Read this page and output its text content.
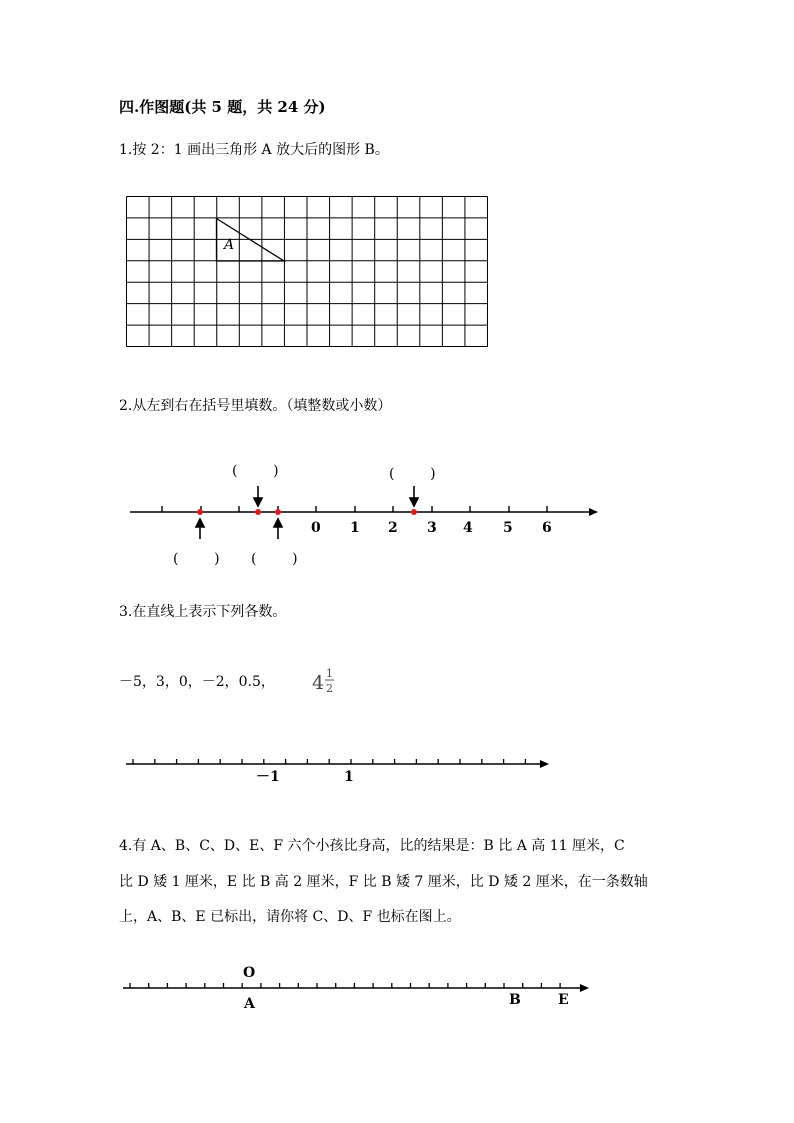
四.作图题(共 5 题，共 24 分)
1.按 2：1 画出三角形 A 放大后的图形 B。
A
2.从左到右在括号里填数。（填整数或小数）
0 1 2 3 4 5 6
(        )	(        )
(        ) (        )
3.在直线上表示下列各数。
－5，3，0，－2，0.5， 4 1
2
－1	1
4.有 A、B、C、D、E、F 六个小孩比身高，比的结果是：B 比 A 高 11 厘米，C
比 D 矮 1 厘米，E 比 B 高 2 厘米，F 比 B 矮 7 厘米，比 D 矮 2 厘米，在一条数轴
上，A、B、E 已标出，请你将 C、D、F 也标在图上。
O
A	B	E
